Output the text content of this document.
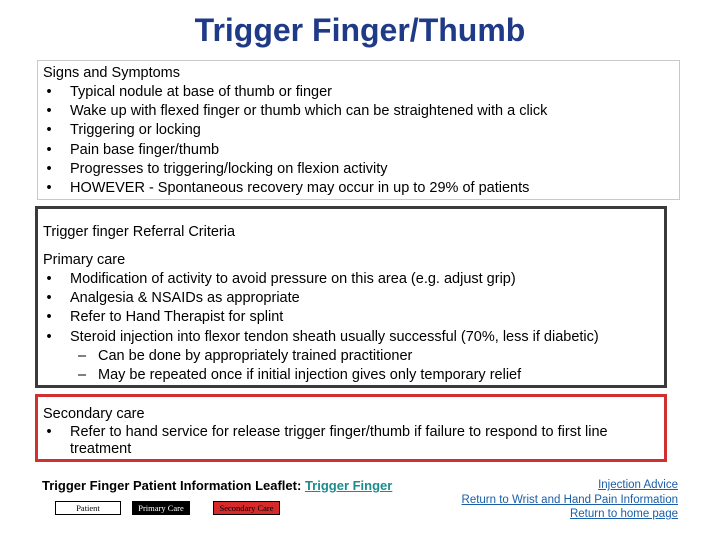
Trigger Finger/Thumb
Signs and Symptoms
• Typical nodule at base of thumb or finger
• Wake up with flexed finger or thumb which can be straightened with a click
• Triggering or locking
• Pain base finger/thumb
• Progresses to triggering/locking on flexion activity
• HOWEVER - Spontaneous recovery may occur in up to 29% of patients
Trigger finger Referral Criteria
Primary care
• Modification of activity to avoid pressure on this area (e.g. adjust grip)
• Analgesia & NSAIDs as appropriate
• Refer to Hand Therapist for splint
• Steroid injection into flexor tendon sheath usually successful (70%, less if diabetic)
– Can be done by appropriately trained practitioner
– May be repeated once if initial injection gives only temporary relief
Secondary care
• Refer to hand service for release trigger finger/thumb if failure to respond to first line treatment
Trigger Finger Patient Information Leaflet: Trigger Finger
Patient	Primary Care	Secondary Care
Injection Advice
Return to Wrist and Hand Pain Information
Return to home page
